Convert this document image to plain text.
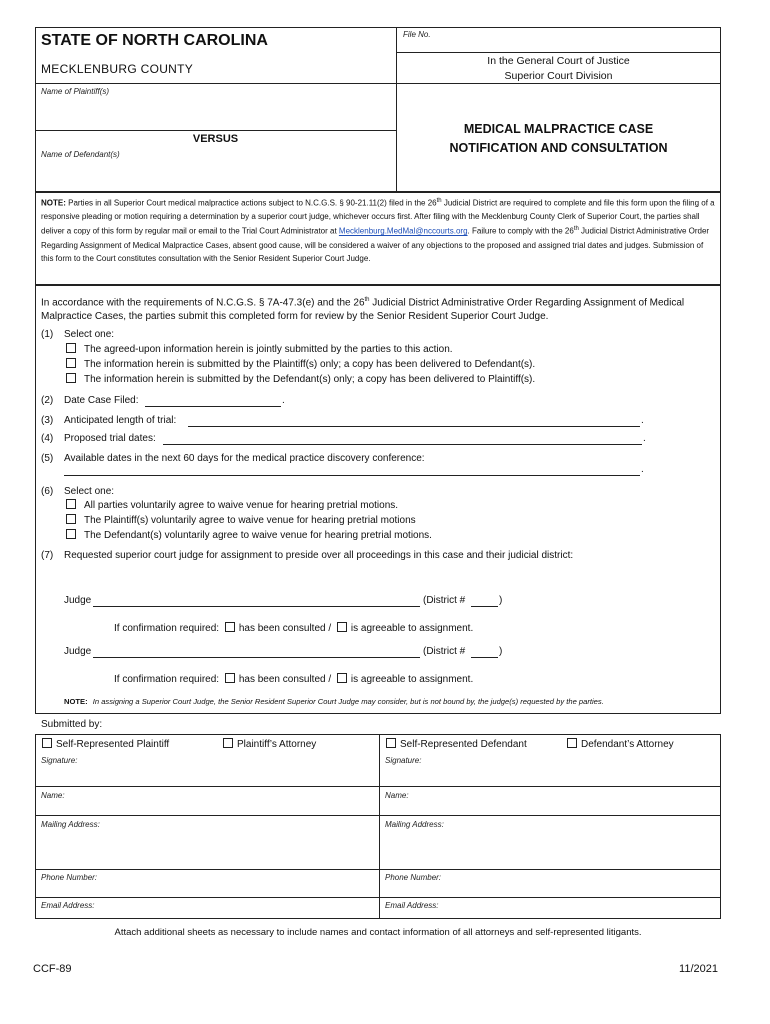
STATE OF NORTH CAROLINA
MECKLENBURG COUNTY
File No.
In the General Court of Justice
Superior Court Division
Name of Plaintiff(s)
VERSUS
Name of Defendant(s)
MEDICAL MALPRACTICE CASE
NOTIFICATION AND CONSULTATION
NOTE: Parties in all Superior Court medical malpractice actions subject to N.C.G.S. § 90-21.11(2) filed in the 26th Judicial District are required to complete and file this form upon the filing of a responsive pleading or motion requiring a determination by a superior court judge, whichever occurs first. After filing with the Mecklenburg County Clerk of Superior Court, the parties shall deliver a copy of this form by regular mail or email to the Trial Court Administrator at Mecklenburg.MedMal@nccourts.org. Failure to comply with the 26th Judicial District Administrative Order Regarding Assignment of Medical Malpractice Cases, absent good cause, will be considered a waiver of any objections to the proposed and assigned trial dates and judges. Submission of this form to the Court constitutes consultation with the Senior Resident Superior Court Judge.
In accordance with the requirements of N.C.G.S. § 7A-47.3(e) and the 26th Judicial District Administrative Order Regarding Assignment of Medical Malpractice Cases, the parties submit this completed form for review by the Senior Resident Superior Court Judge.
(1) Select one:
The agreed-upon information herein is jointly submitted by the parties to this action.
The information herein is submitted by the Plaintiff(s) only; a copy has been delivered to Defendant(s).
The information herein is submitted by the Defendant(s) only; a copy has been delivered to Plaintiff(s).
(2) Date Case Filed:	.
(3) Anticipated length of trial:	.
(4) Proposed trial dates:	.
(5) Available dates in the next 60 days for the medical practice discovery conference:
.
(6) Select one:
All parties voluntarily agree to waive venue for hearing pretrial motions.
The Plaintiff(s) voluntarily agree to waive venue for hearing pretrial motions
The Defendant(s) voluntarily agree to waive venue for hearing pretrial motions.
(7) Requested superior court judge for assignment to preside over all proceedings in this case and their judicial district:
Judge	(District #	)
If confirmation required: has been consulted / is agreeable to assignment.
Judge	(District #	)
If confirmation required: has been consulted / is agreeable to assignment.
NOTE: In assigning a Superior Court Judge, the Senior Resident Superior Court Judge may consider, but is not bound by, the judge(s) requested by the parties.
Submitted by:
Self-Represented Plaintiff	Plaintiff’s Attorney	Self-Represented Defendant	Defendant’s Attorney
Signature:
Name:
Mailing Address:
Phone Number:
Email Address:
Signature:
Name:
Mailing Address:
Phone Number:
Email Address:
Attach additional sheets as necessary to include names and contact information of all attorneys and self-represented litigants.
CCF-89	11/2021
